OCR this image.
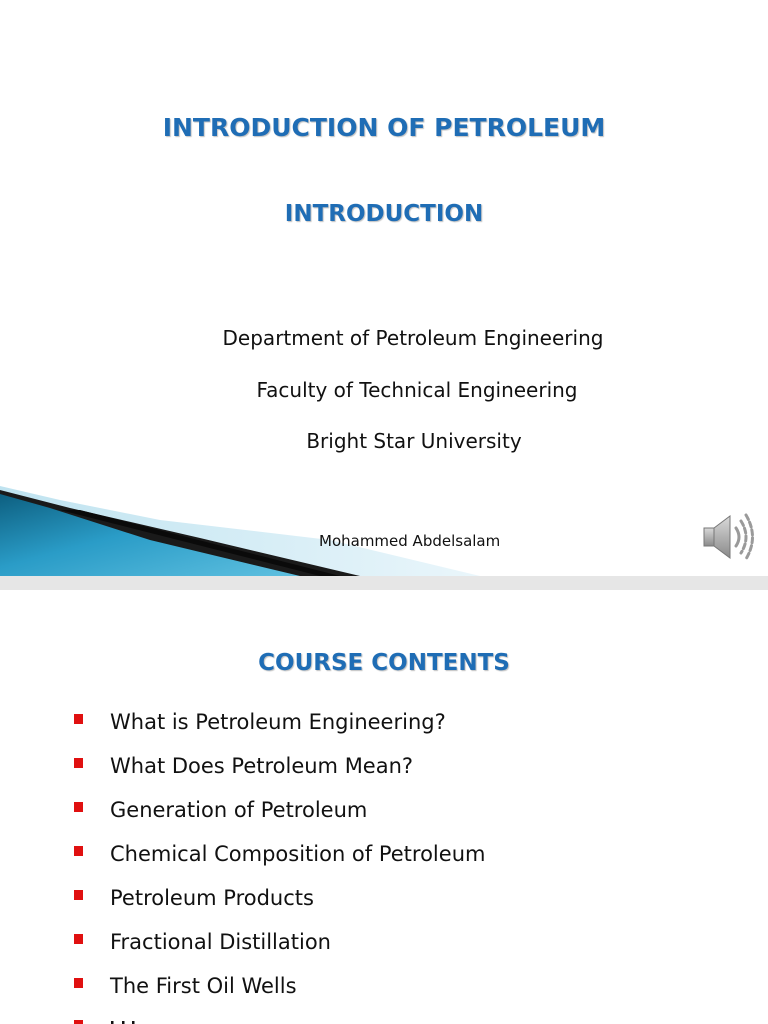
INTRODUCTION OF PETROLEUM
INTRODUCTION
Department of Petroleum Engineering
Faculty of Technical Engineering
Bright Star University
Mohammed Abdelsalam
COURSE CONTENTS
What is Petroleum Engineering?
What Does Petroleum Mean?
Generation of Petroleum
Chemical Composition of Petroleum
Petroleum Products
Fractional Distillation
The First Oil Wells
